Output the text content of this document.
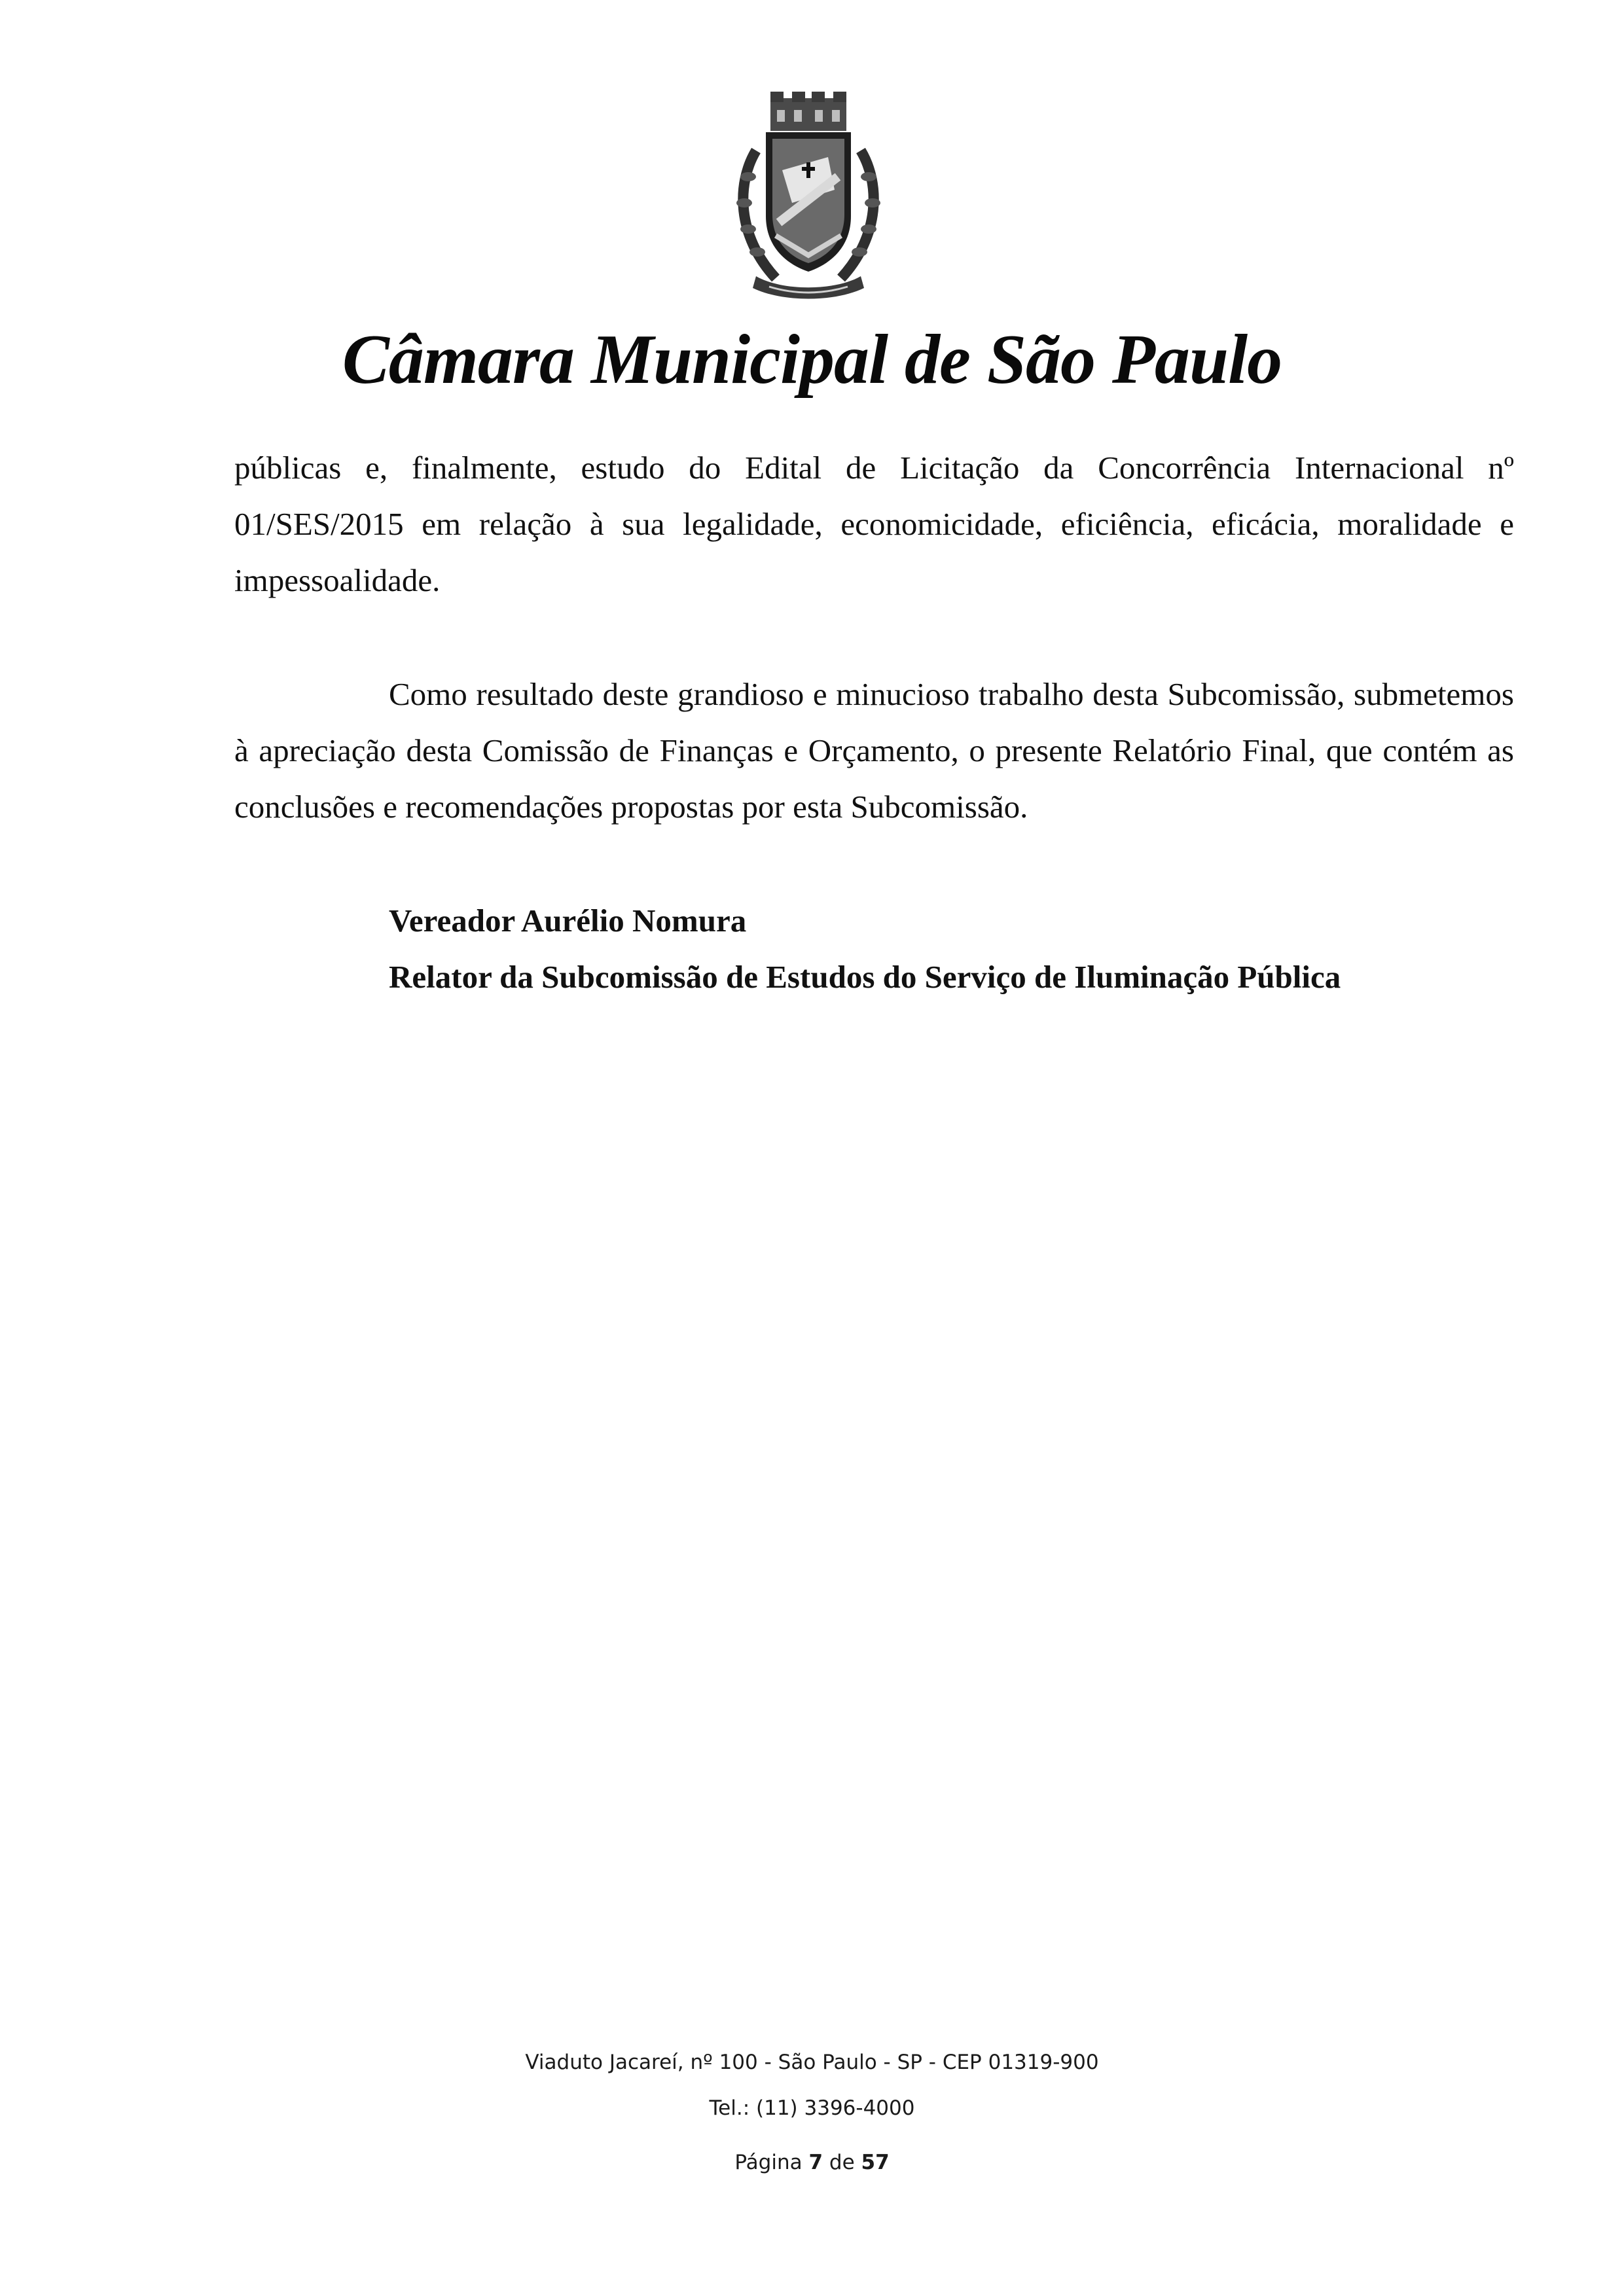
Câmara Municipal de São Paulo
públicas e, finalmente, estudo do Edital de Licitação da Concorrência Internacional nº 01/SES/2015 em relação à sua legalidade, economicidade, eficiência, eficácia, moralidade e impessoalidade.
Como resultado deste grandioso e minucioso trabalho desta Subcomissão, submetemos à apreciação desta Comissão de Finanças e Orçamento, o presente Relatório Final, que contém as conclusões e recomendações propostas por esta Subcomissão.
Vereador Aurélio Nomura
Relator da Subcomissão de Estudos do Serviço de Iluminação Pública
Viaduto Jacareí, nº 100 - São Paulo - SP - CEP 01319-900
Tel.: (11) 3396-4000
Página 7 de 57
